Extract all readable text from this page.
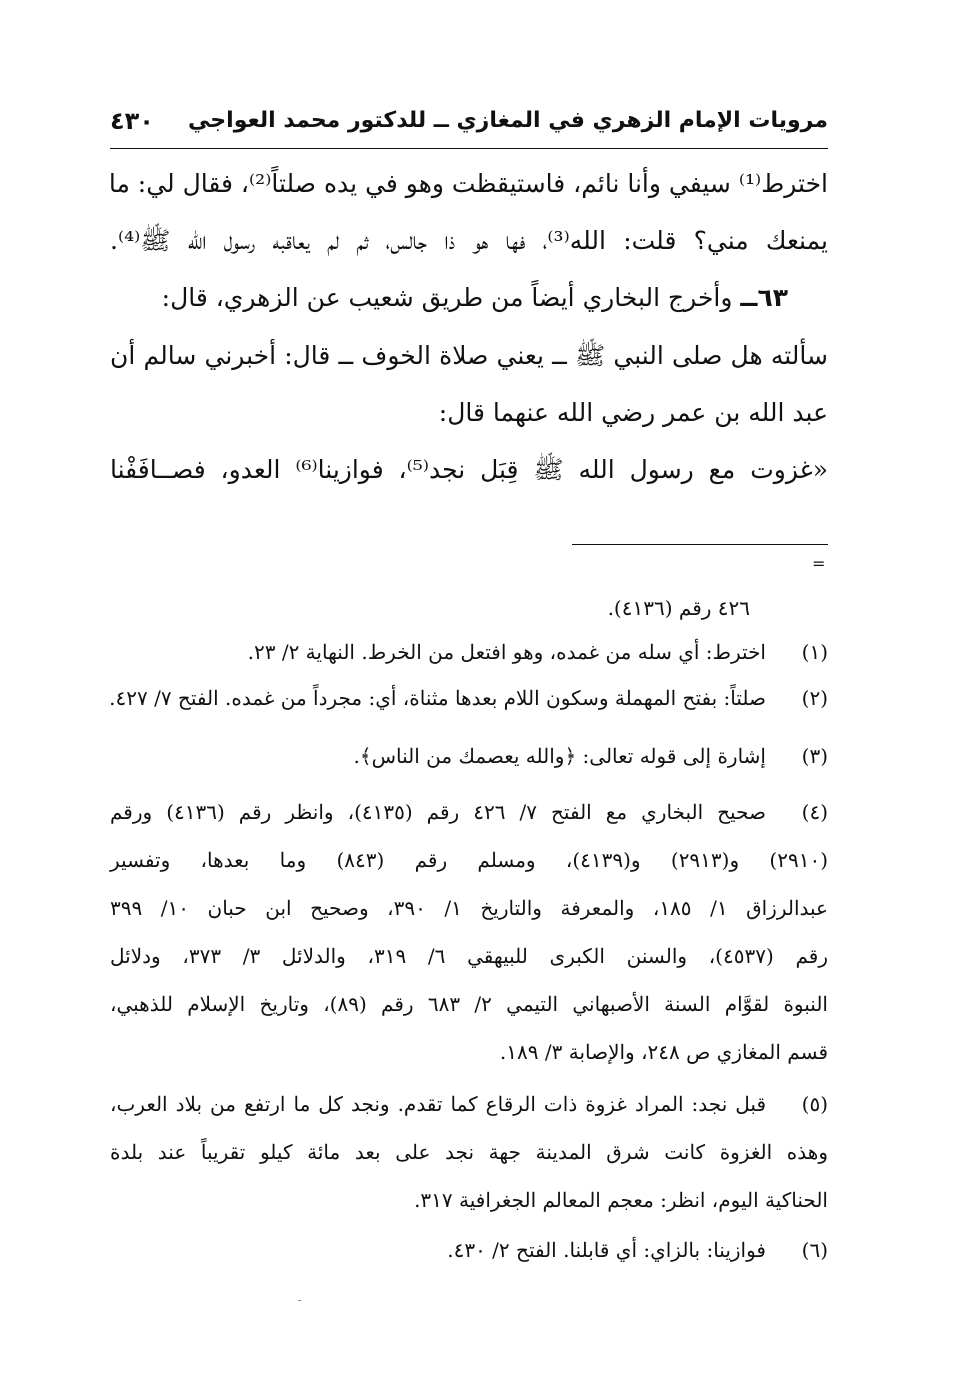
مرويات الإمام الزهري في المغازي ــ للدكتور محمد العواجي
٤٣٠
اخترط⁽¹⁾ سيفي وأنا نائم، فاستيقظت وهو في يده صلتاً⁽²⁾، فقال لي: ما
يمنعك مني؟ قلت: الله⁽³⁾، فها هو ذا جالس، ثم لم يعاقبه رسول الله ﷺ⁽⁴⁾.
٦٣ــ وأخرج البخاري أيضاً من طريق شعيب عن الزهري، قال:
سألته هل صلى النبي ﷺ ــ يعني صلاة الخوف ــ قال: أخبرني سالم أن
عبد الله بن عمر رضي الله عنهما قال:
«غزوت مع رسول الله ﷺ قِبَل نجد⁽⁵⁾، فوازينا⁽⁶⁾ العدو، فصــافَفْنا
=
٤٢٦ رقم (٤١٣٦).
(١)
اخترط: أي سله من غمده، وهو افتعل من الخرط. النهاية ٢/ ٢٣.
(٢)
صلتاً: بفتح المهملة وسكون اللام بعدها مثناة، أي: مجرداً من غمده. الفتح ٧/ ٤٢٧.
(٣)
إشارة إلى قوله تعالى: ﴿والله يعصمك من الناس﴾.
(٤)
صحيح البخاري مع الفتح ٧/ ٤٢٦ رقم (٤١٣٥)، وانظر رقم (٤١٣٦) ورقم
(٢٩١٠) و(٢٩١٣) و(٤١٣٩)، ومسلم رقم (٨٤٣) وما بعدها، وتفسير
عبدالرزاق ١/ ١٨٥، والمعرفة والتاريخ ١/ ٣٩٠، وصحيح ابن حبان ١٠/ ٣٩٩
رقم (٤٥٣٧)، والسنن الكبرى للبيهقي ٦/ ٣١٩، والدلائل ٣/ ٣٧٣، ودلائل
النبوة لقوَّام السنة الأصبهاني التيمي ٢/ ٦٨٣ رقم (٨٩)، وتاريخ الإسلام للذهبي،
قسم المغازي ص ٢٤٨، والإصابة ٣/ ١٨٩.
(٥)
قبل نجد: المراد غزوة ذات الرقاع كما تقدم. ونجد كل ما ارتفع من بلاد العرب،
وهذه الغزوة كانت شرق المدينة جهة نجد على بعد مائة كيلو تقريباً عند بلدة
الحناكية اليوم، انظر: معجم المعالم الجغرافية ٣١٧.
(٦)
فوازينا: بالزاي: أي قابلنا. الفتح ٢/ ٤٣٠.
